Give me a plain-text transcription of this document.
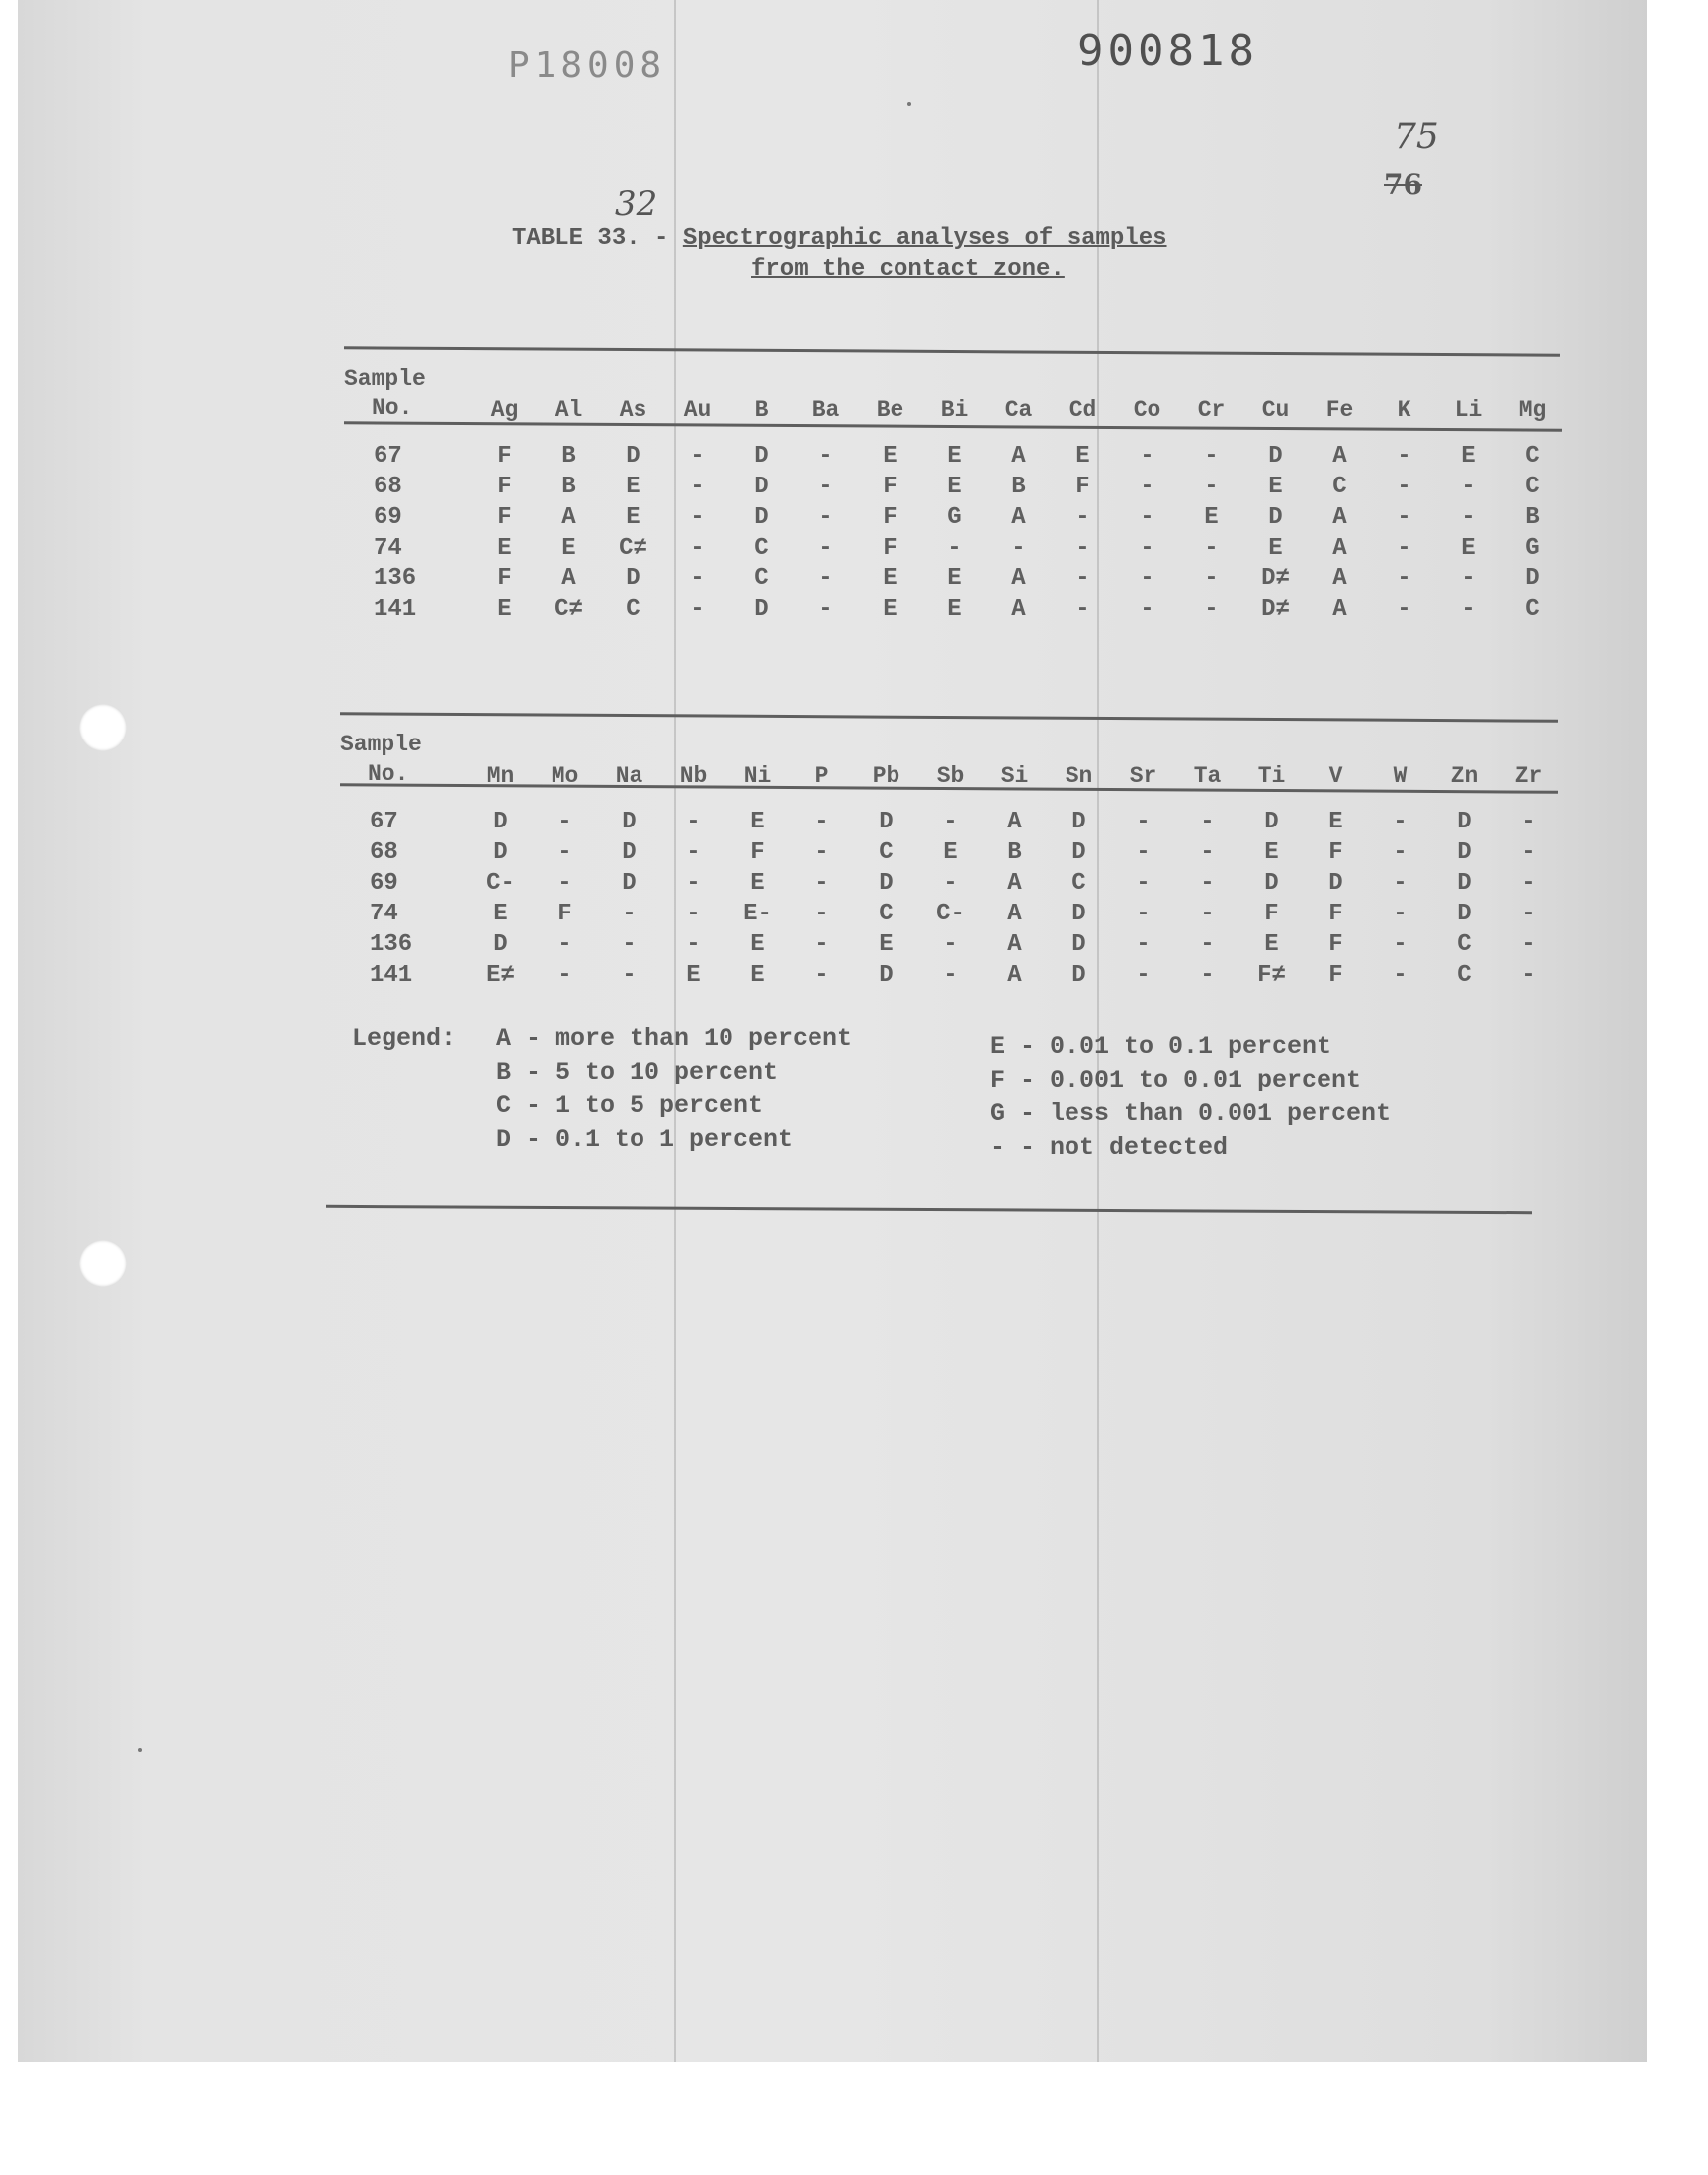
P18008	900818
75
76
32
TABLE 33. - Spectrographic analyses of samples
from the contact zone.
Sample
No.	Ag	Al	As	Au	B	Ba	Be	Bi	Ca	Cd	Co	Cr	Cu	Fe	K	Li	Mg

67	F	B	D	-	D	-	E	E	A	E	-	-	D	A	-	E	C
68	F	B	E	-	D	-	F	E	B	F	-	-	E	C	-	-	C
69	F	A	E	-	D	-	F	G	A	-	-	E	D	A	-	-	B
74	E	E	C≠	-	C	-	F	-	-	-	-	-	E	A	-	E	G
136	F	A	D	-	C	-	E	E	A	-	-	-	D≠	A	-	-	D
141	E	C≠	C	-	D	-	E	E	A	-	-	-	D≠	A	-	-	C
Sample
No.	Mn	Mo	Na	Nb	Ni	P	Pb	Sb	Si	Sn	Sr	Ta	Ti	V	W	Zn	Zr

67	D	-	D	-	E	-	D	-	A	D	-	-	D	E	-	D	-
68	D	-	D	-	F	-	C	E	B	D	-	-	E	F	-	D	-
69	C-	-	D	-	E	-	D	-	A	C	-	-	D	D	-	D	-
74	E	F	-	-	E-	-	C	C-	A	D	-	-	F	F	-	D	-
136	D	-	-	-	E	-	E	-	A	D	-	-	E	F	-	C	-
141	E≠	-	-	E	E	-	D	-	A	D	-	-	F≠	F	-	C	-
Legend: A - more than 10 percent
B - 5 to 10 percent
C - 1 to 5 percent
D - 0.1 to 1 percent
E - 0.01 to 0.1 percent
F - 0.001 to 0.01 percent
G - less than 0.001 percent
- - not detected
